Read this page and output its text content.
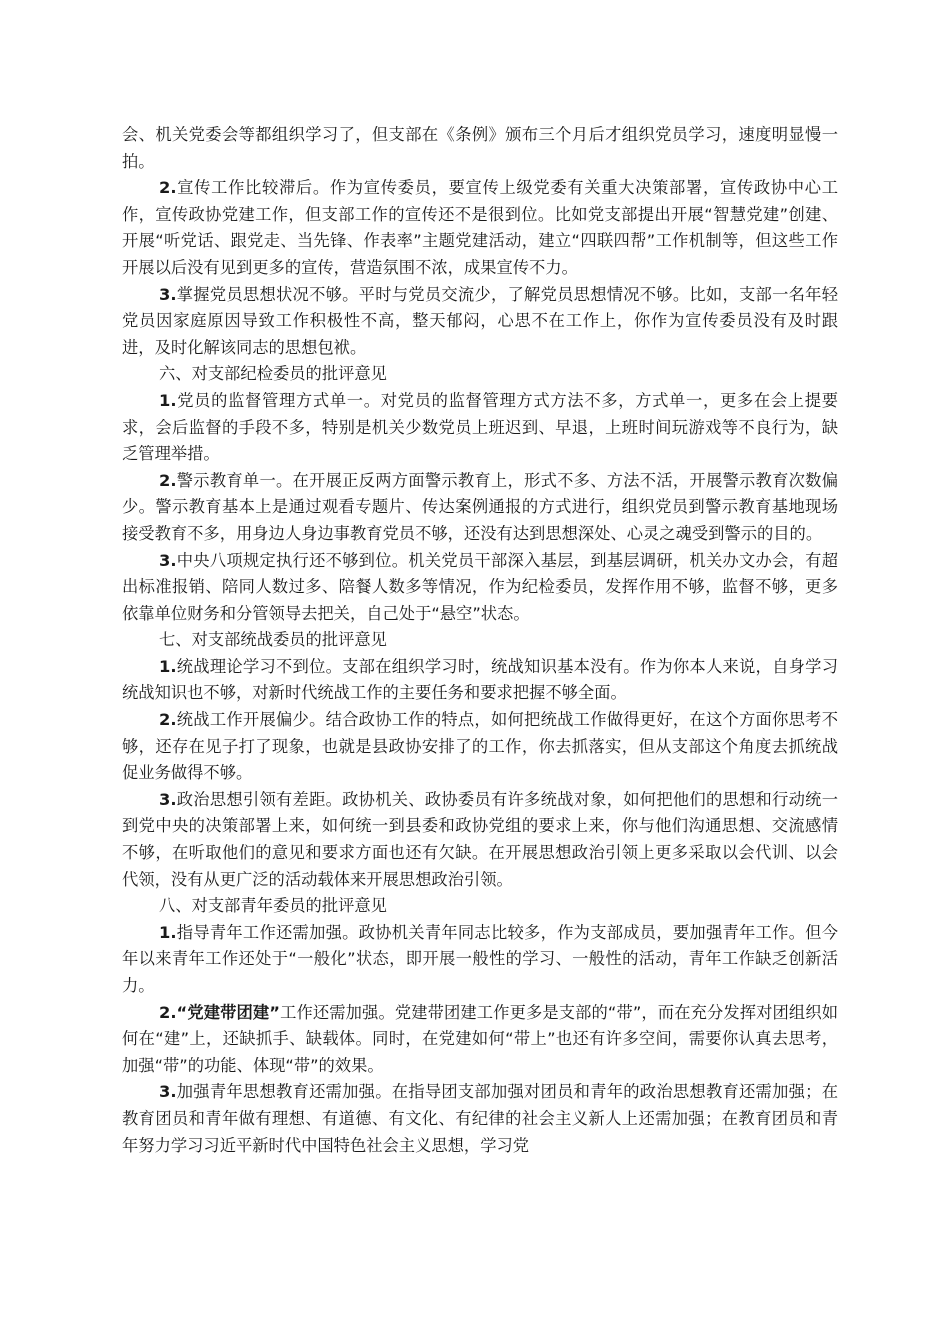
会、机关党委会等都组织学习了，但支部在《条例》颁布三个月后才组织党员学习，速度明显慢一拍。

2.宣传工作比较滞后。作为宣传委员，要宣传上级党委有关重大决策部署，宣传政协中心工作，宣传政协党建工作，但支部工作的宣传还不是很到位。比如党支部提出开展“智慧党建”创建、开展“听党话、跟党走、当先锋、作表率”主题党建活动，建立“四联四帮”工作机制等，但这些工作开展以后没有见到更多的宣传，营造氛围不浓，成果宣传不力。

3.掌握党员思想状况不够。平时与党员交流少，了解党员思想情况不够。比如，支部一名年轻党员因家庭原因导致工作积极性不高，整天郁闷，心思不在工作上，你作为宣传委员没有及时跟进，及时化解该同志的思想包袱。

六、对支部纪检委员的批评意见

1.党员的监督管理方式单一。对党员的监督管理方式方法不多，方式单一，更多在会上提要求，会后监督的手段不多，特别是机关少数党员上班迟到、早退，上班时间玩游戏等不良行为，缺乏管理举措。

2.警示教育单一。在开展正反两方面警示教育上，形式不多、方法不活，开展警示教育次数偏少。警示教育基本上是通过观看专题片、传达案例通报的方式进行，组织党员到警示教育基地现场接受教育不多，用身边人身边事教育党员不够，还没有达到思想深处、心灵之魂受到警示的目的。

3.中央八项规定执行还不够到位。机关党员干部深入基层，到基层调研，机关办文办会，有超出标准报销、陪同人数过多、陪餐人数多等情况，作为纪检委员，发挥作用不够，监督不够，更多依靠单位财务和分管领导去把关，自己处于“悬空”状态。

七、对支部统战委员的批评意见

1.统战理论学习不到位。支部在组织学习时，统战知识基本没有。作为你本人来说，自身学习统战知识也不够，对新时代统战工作的主要任务和要求把握不够全面。

2.统战工作开展偏少。结合政协工作的特点，如何把统战工作做得更好，在这个方面你思考不够，还存在见子打了现象，也就是县政协安排了的工作，你去抓落实，但从支部这个角度去抓统战促业务做得不够。

3.政治思想引领有差距。政协机关、政协委员有许多统战对象，如何把他们的思想和行动统一到党中央的决策部署上来，如何统一到县委和政协党组的要求上来，你与他们沟通思想、交流感情不够，在听取他们的意见和要求方面也还有欠缺。在开展思想政治引领上更多采取以会代训、以会代领，没有从更广泛的活动载体来开展思想政治引领。

八、对支部青年委员的批评意见

1.指导青年工作还需加强。政协机关青年同志比较多，作为支部成员，要加强青年工作。但今年以来青年工作还处于“一般化”状态，即开展一般性的学习、一般性的活动，青年工作缺乏创新活力。

2.“党建带团建”工作还需加强。党建带团建工作更多是支部的“带”，而在充分发挥对团组织如何在“建”上，还缺抓手、缺载体。同时，在党建如何“带上”也还有许多空间，需要你认真去思考，加强“带”的功能、体现“带”的效果。

3.加强青年思想教育还需加强。在指导团支部加强对团员和青年的政治思想教育还需加强；在教育团员和青年做有理想、有道德、有文化、有纪律的社会主义新人上还需加强；在教育团员和青年努力学习习近平新时代中国特色社会主义思想，学习党
